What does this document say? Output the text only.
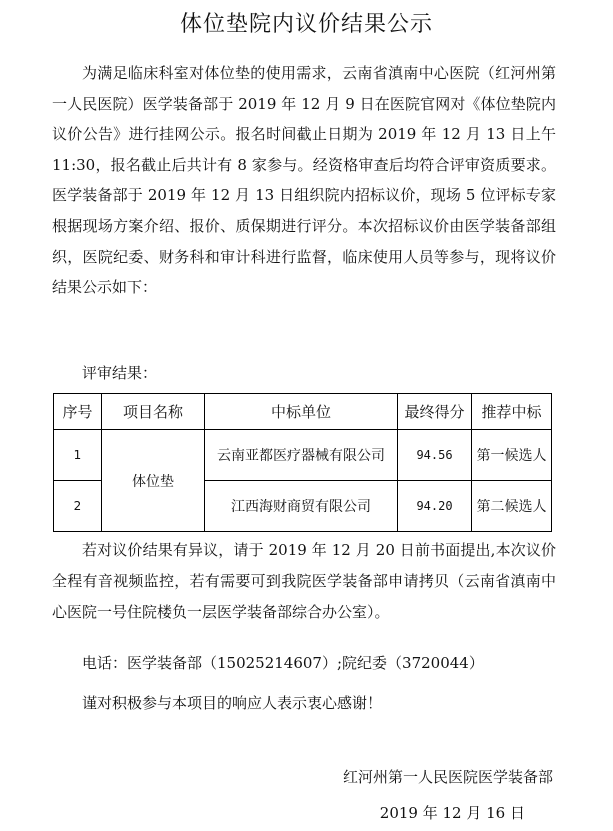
体位垫院内议价结果公示

为满足临床科室对体位垫的使用需求，云南省滇南中心医院（红河州第一人民医院）医学装备部于 2019 年 12 月 9 日在医院官网对《体位垫院内议价公告》进行挂网公示。报名时间截止日期为 2019 年 12 月 13 日上午 11:30，报名截止后共计有 8 家参与。经资格审查后均符合评审资质要求。医学装备部于 2019 年 12 月 13 日组织院内招标议价，现场 5 位评标专家根据现场方案介绍、报价、质保期进行评分。本次招标议价由医学装备部组织，医院纪委、财务科和审计科进行监督，临床使用人员等参与，现将议价结果公示如下：

评审结果：

序号	项目名称	中标单位	最终得分	推荐中标
1	体位垫	云南亚都医疗器械有限公司	94.56	第一候选人
2		江西海财商贸有限公司	94.20	第二候选人

若对议价结果有异议，请于 2019 年 12 月 20 日前书面提出,本次议价全程有音视频监控，若有需要可到我院医学装备部申请拷贝（云南省滇南中心医院一号住院楼负一层医学装备部综合办公室）。

电话：医学装备部（15025214607）;院纪委（3720044）

谨对积极参与本项目的响应人表示衷心感谢！

红河州第一人民医院医学装备部
2019 年 12 月 16 日
